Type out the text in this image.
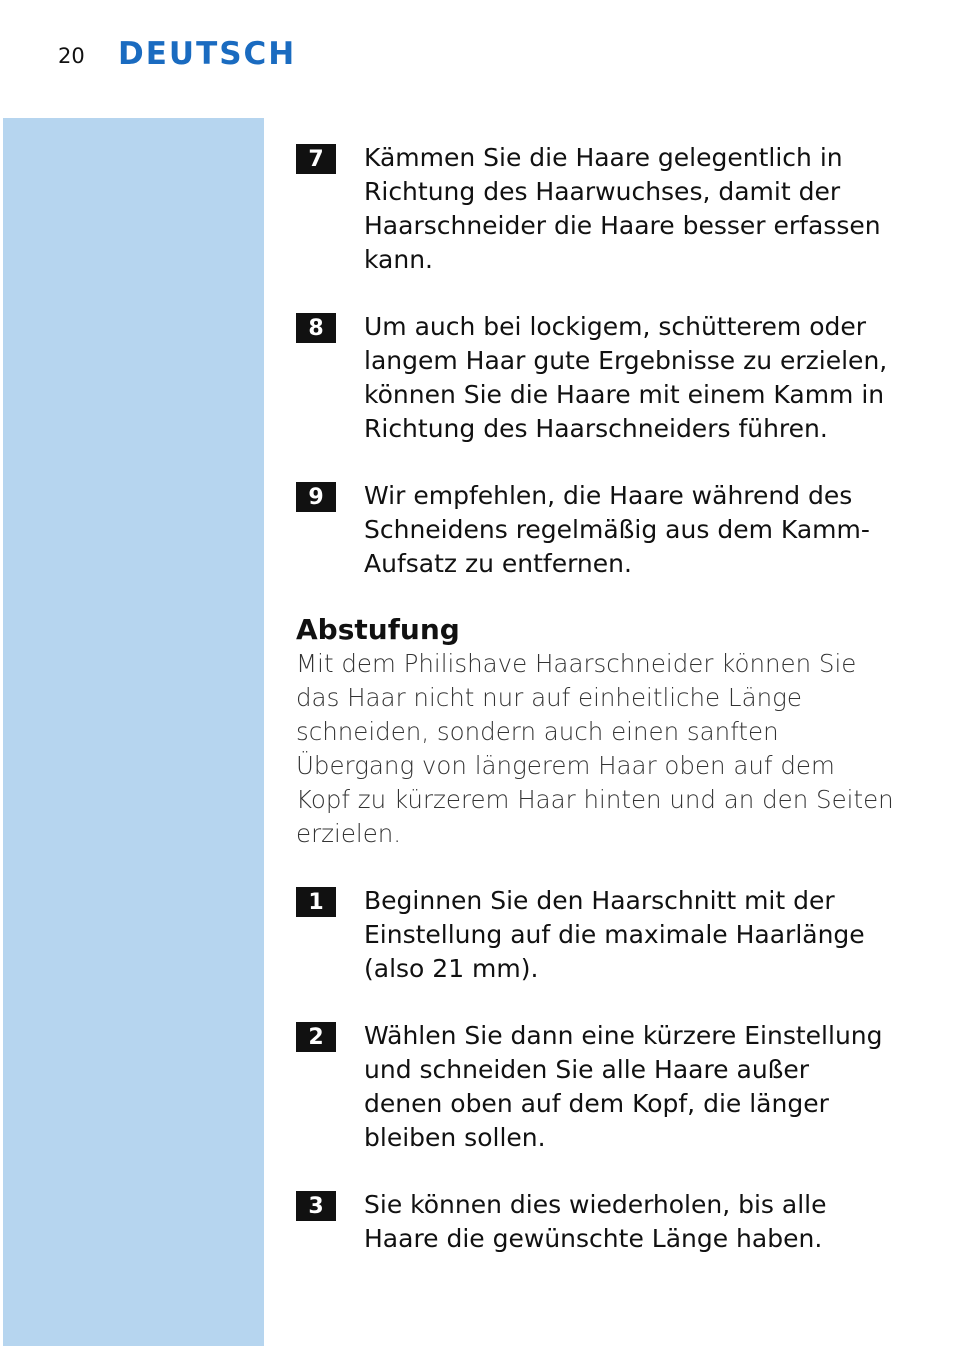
20 DEUTSCH
7	Kämmen Sie die Haare gelegentlich in Richtung des Haarwuchses, damit der Haarschneider die Haare besser erfassen kann.
8	Um auch bei lockigem, schütterem oder langem Haar gute Ergebnisse zu erzielen, können Sie die Haare mit einem Kamm in Richtung des Haarschneiders führen.
9	Wir empfehlen, die Haare während des Schneidens regelmäßig aus dem Kamm-Aufsatz zu entfernen.
Abstufung
Mit dem Philishave Haarschneider können Sie das Haar nicht nur auf einheitliche Länge schneiden, sondern auch einen sanften Übergang von längerem Haar oben auf dem Kopf zu kürzerem Haar hinten und an den Seiten erzielen.
1	Beginnen Sie den Haarschnitt mit der Einstellung auf die maximale Haarlänge (also 21 mm).
2	Wählen Sie dann eine kürzere Einstellung und schneiden Sie alle Haare außer denen oben auf dem Kopf, die länger bleiben sollen.
3	Sie können dies wiederholen, bis alle Haare die gewünschte Länge haben.
